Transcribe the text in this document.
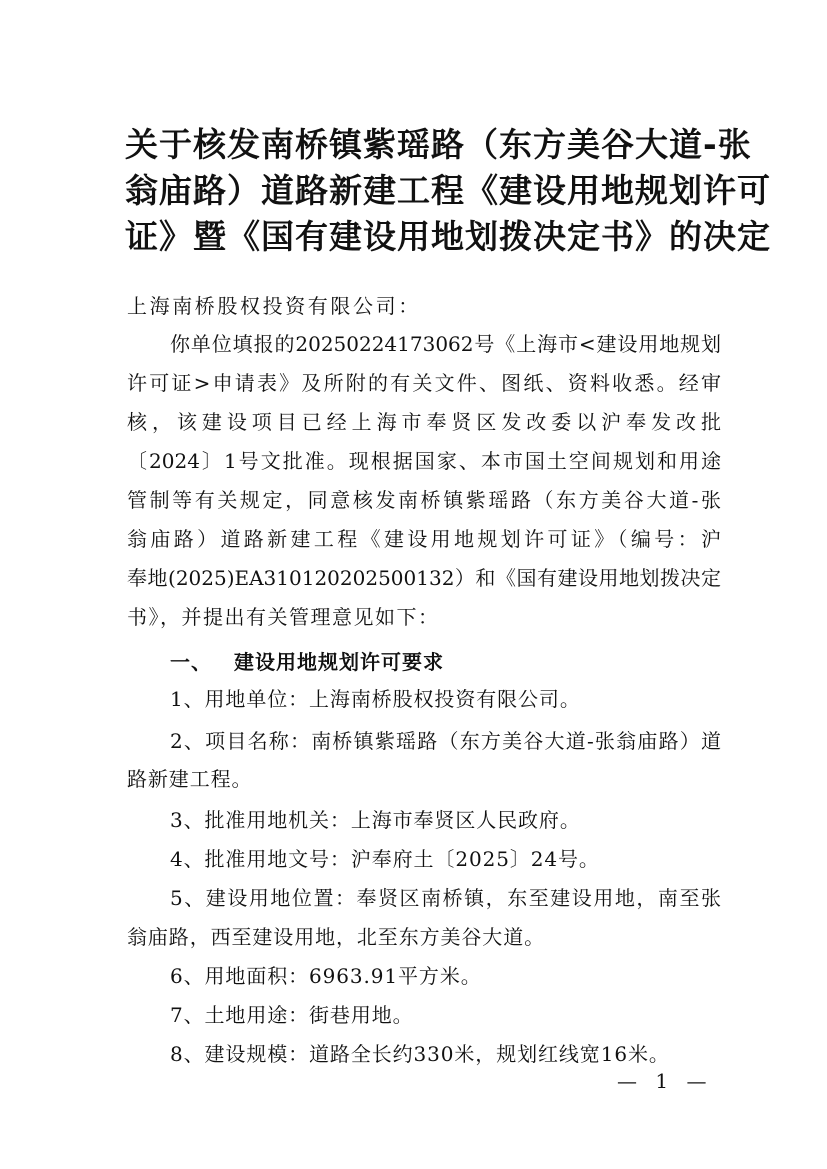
关于核发南桥镇紫瑶路（东方美谷大道-张
翁庙路）道路新建工程《建设用地规划许可
证》暨《国有建设用地划拨决定书》的决定
上海南桥股权投资有限公司：
你单位填报的20250224173062号《上海市<建设用地规划
许可证>申请表》及所附的有关文件、图纸、资料收悉。经审
核，该建设项目已经上海市奉贤区发改委以沪奉发改批
〔2024〕1号文批准。现根据国家、本市国土空间规划和用途
管制等有关规定，同意核发南桥镇紫瑶路（东方美谷大道-张
翁庙路）道路新建工程《建设用地规划许可证》（编号：沪
奉地(2025)EA310120202500132）和《国有建设用地划拨决定
书》，并提出有关管理意见如下：
一、 建设用地规划许可要求
1、用地单位：上海南桥股权投资有限公司。
2、项目名称：南桥镇紫瑶路（东方美谷大道-张翁庙路）道
路新建工程。
3、批准用地机关：上海市奉贤区人民政府。
4、批准用地文号：沪奉府土〔2025〕24号。
5、建设用地位置：奉贤区南桥镇，东至建设用地，南至张
翁庙路，西至建设用地，北至东方美谷大道。
6、用地面积：6963.91平方米。
7、土地用途：街巷用地。
8、建设规模：道路全长约330米，规划红线宽16米。
— 1 —
